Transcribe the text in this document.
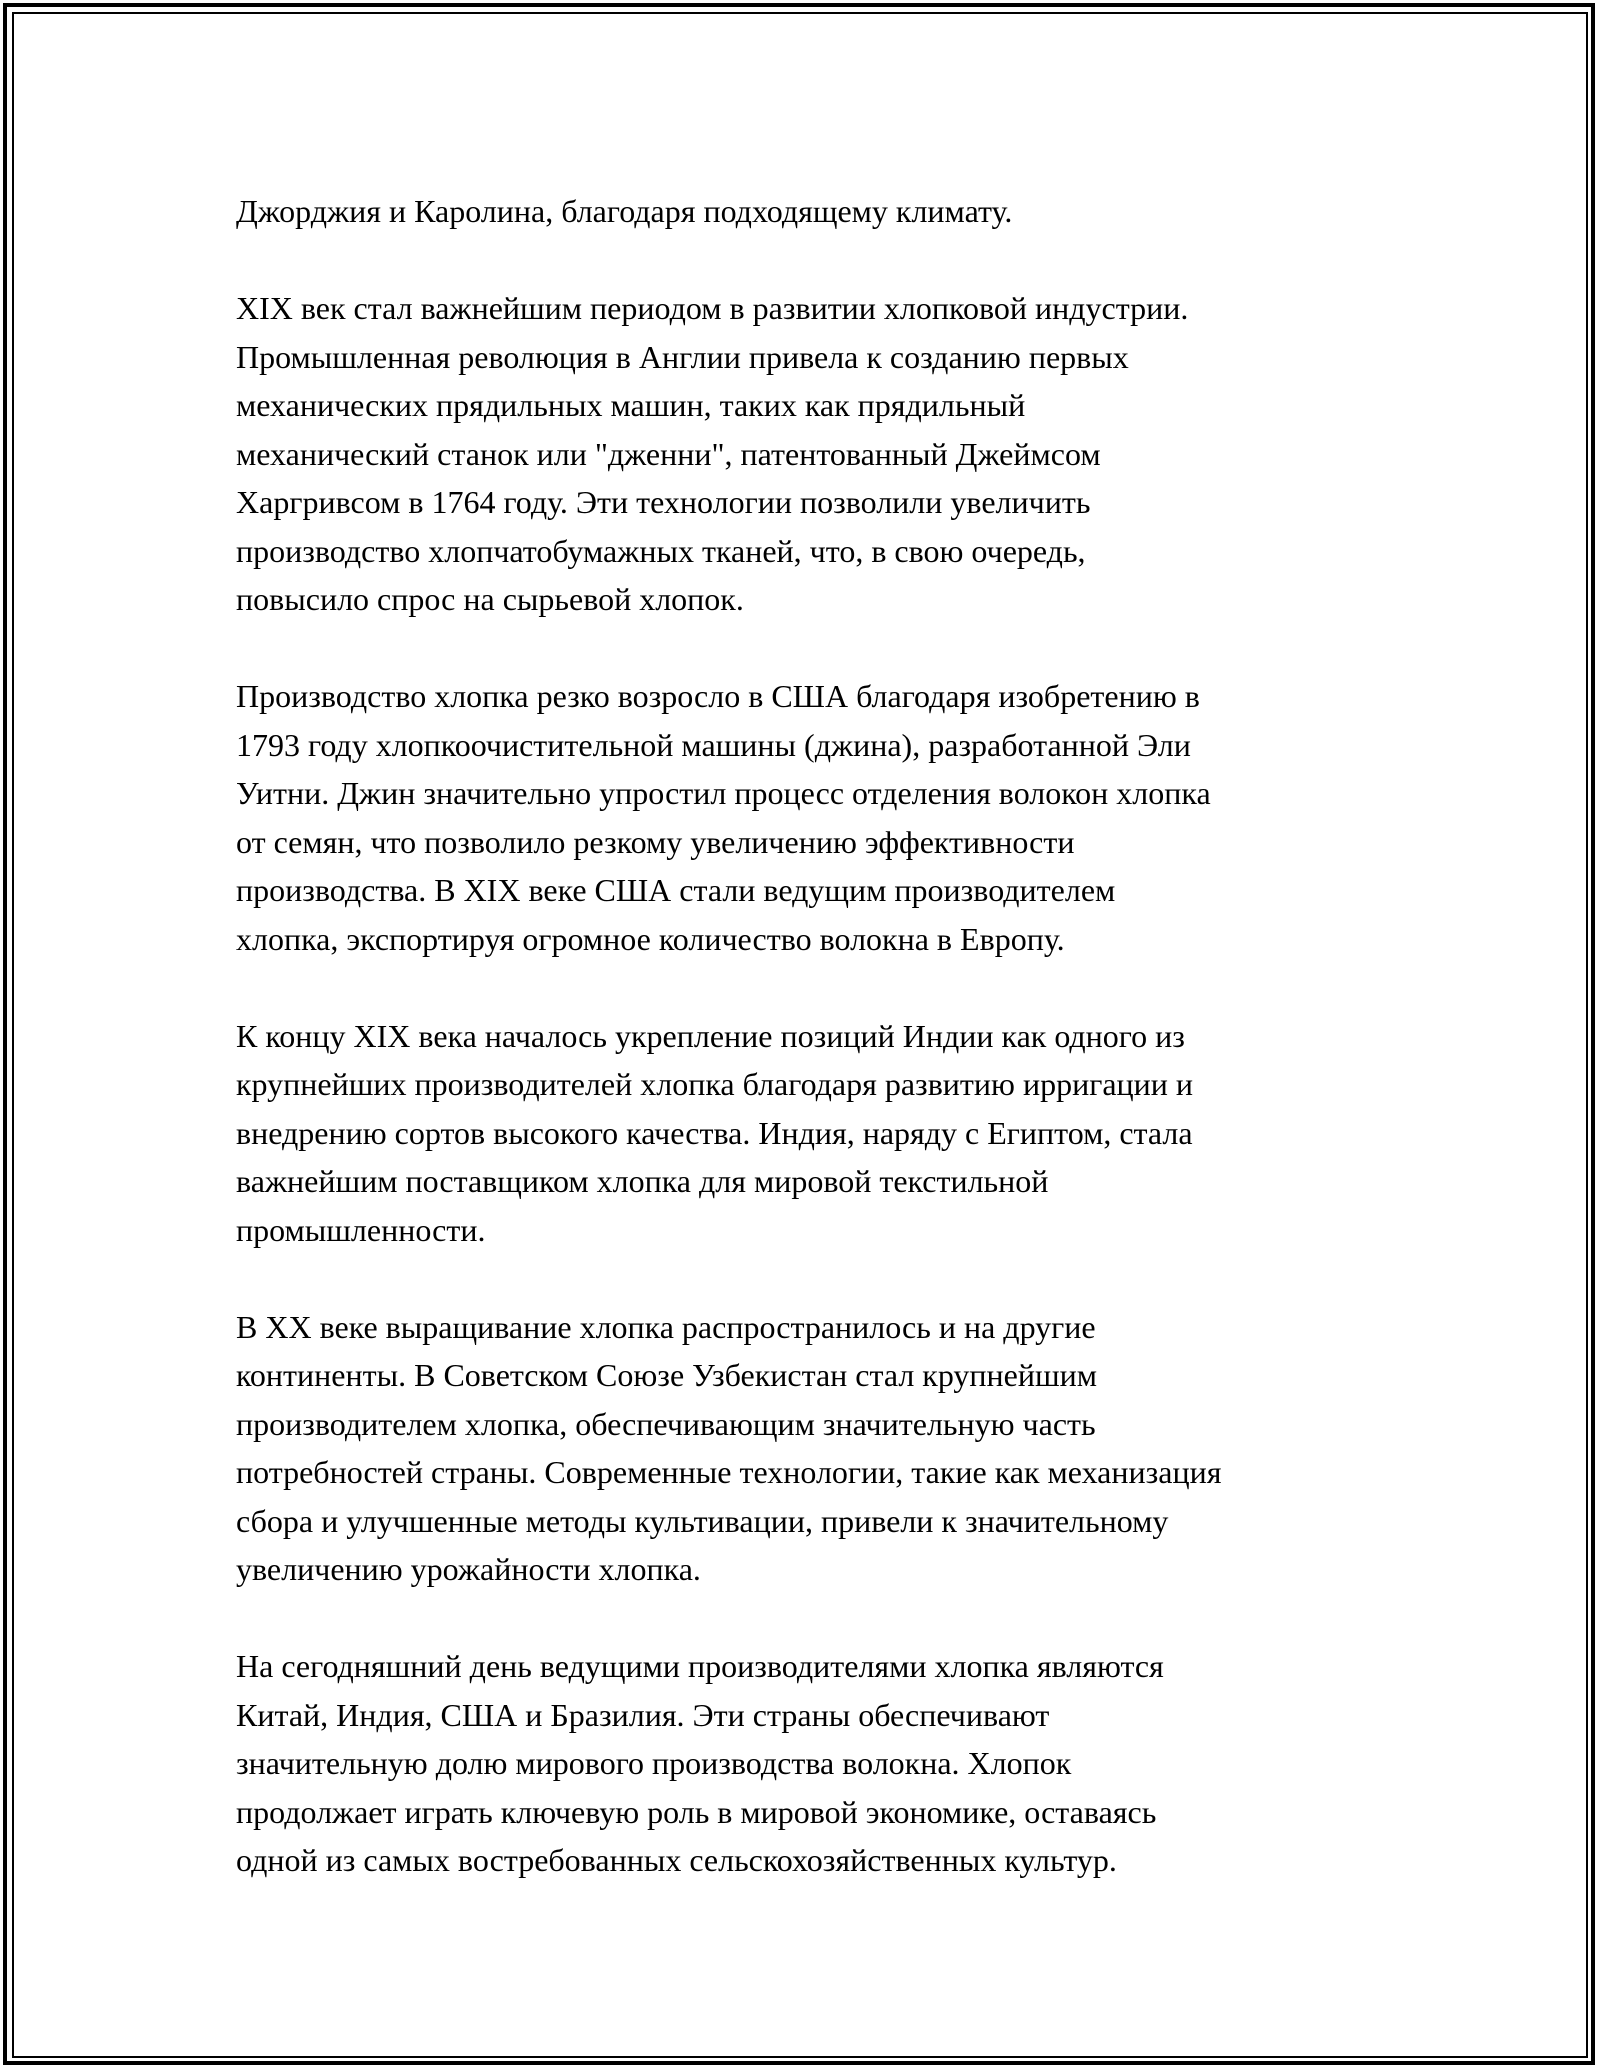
Джорджия и Каролина, благодаря подходящему климату.

XIX век стал важнейшим периодом в развитии хлопковой индустрии.
Промышленная революция в Англии привела к созданию первых
механических прядильных машин, таких как прядильный
механический станок или "дженни", патентованный Джеймсом
Харгривсом в 1764 году. Эти технологии позволили увеличить
производство хлопчатобумажных тканей, что, в свою очередь,
повысило спрос на сырьевой хлопок.

Производство хлопка резко возросло в США благодаря изобретению в
1793 году хлопкоочистительной машины (джина), разработанной Эли
Уитни. Джин значительно упростил процесс отделения волокон хлопка
от семян, что позволило резкому увеличению эффективности
производства. В XIX веке США стали ведущим производителем
хлопка, экспортируя огромное количество волокна в Европу.

К концу XIX века началось укрепление позиций Индии как одного из
крупнейших производителей хлопка благодаря развитию ирригации и
внедрению сортов высокого качества. Индия, наряду с Египтом, стала
важнейшим поставщиком хлопка для мировой текстильной
промышленности.

В XX веке выращивание хлопка распространилось и на другие
континенты. В Советском Союзе Узбекистан стал крупнейшим
производителем хлопка, обеспечивающим значительную часть
потребностей страны. Современные технологии, такие как механизация
сбора и улучшенные методы культивации, привели к значительному
увеличению урожайности хлопка.

На сегодняшний день ведущими производителями хлопка являются
Китай, Индия, США и Бразилия. Эти страны обеспечивают
значительную долю мирового производства волокна. Хлопок
продолжает играть ключевую роль в мировой экономике, оставаясь
одной из самых востребованных сельскохозяйственных культур.
